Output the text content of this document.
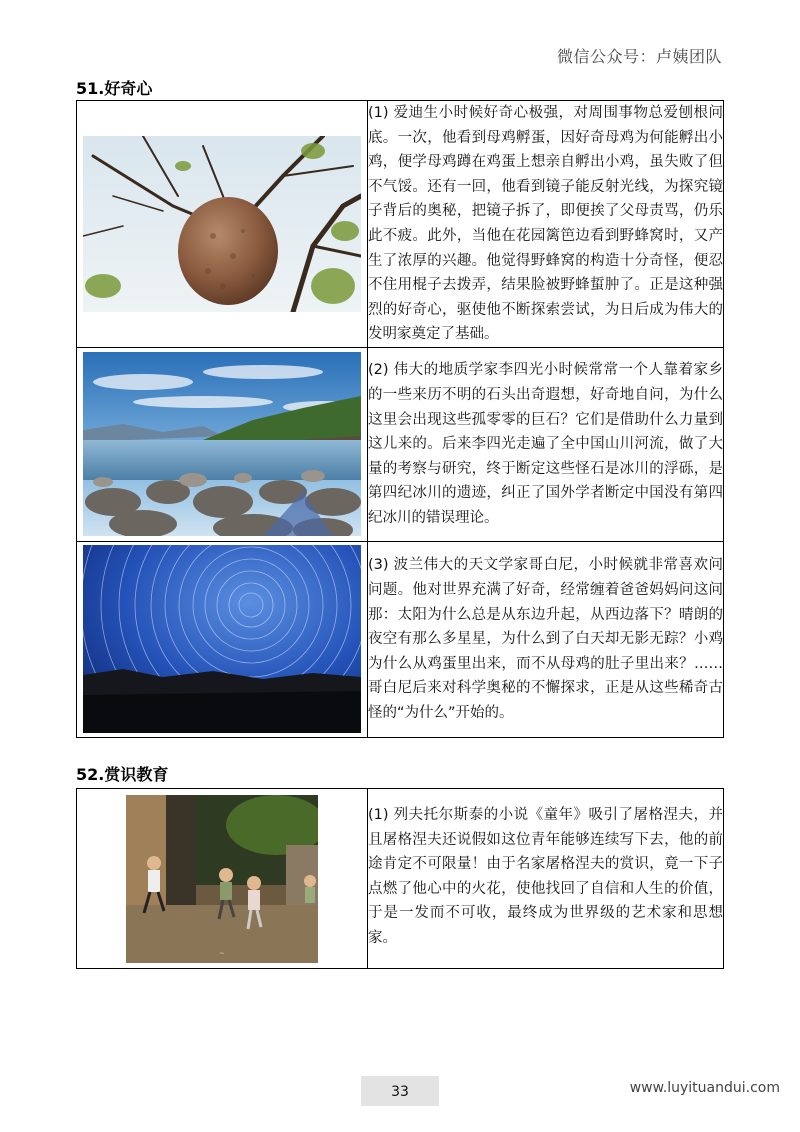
微信公众号：卢姨团队
51.好奇心
	(1) 爱迪生小时候好奇心极强，对周围事物总爱刨根问底。一次，他看到母鸡孵蛋，因好奇母鸡为何能孵出小鸡，便学母鸡蹲在鸡蛋上想亲自孵出小鸡，虽失败了但不气馁。还有一回，他看到镜子能反射光线，为探究镜子背后的奥秘，把镜子拆了，即便挨了父母责骂，仍乐此不疲。此外，当他在花园篱笆边看到野蜂窝时，又产生了浓厚的兴趣。他觉得野蜂窝的构造十分奇怪，便忍不住用棍子去拨弄，结果脸被野蜂蜇肿了。正是这种强烈的好奇心，驱使他不断探索尝试，为日后成为伟大的发明家奠定了基础。

	(2) 伟大的地质学家李四光小时候常常一个人靠着家乡的一些来历不明的石头出奇遐想，好奇地自问，为什么这里会出现这些孤零零的巨石？它们是借助什么力量到这儿来的。后来李四光走遍了全中国山川河流，做了大量的考察与研究，终于断定这些怪石是冰川的浮砾，是第四纪冰川的遗迹，纠正了国外学者断定中国没有第四纪冰川的错误理论。

	(3) 波兰伟大的天文学家哥白尼，小时候就非常喜欢问问题。他对世界充满了好奇，经常缠着爸爸妈妈问这问那：太阳为什么总是从东边升起，从西边落下？晴朗的夜空有那么多星星，为什么到了白天却无影无踪？小鸡为什么从鸡蛋里出来，而不从母鸡的肚子里出来？……哥白尼后来对科学奥秘的不懈探求，正是从这些稀奇古怪的“为什么”开始的。
52.赏识教育
~
	(1) 列夫托尔斯泰的小说《童年》吸引了屠格涅夫，并且屠格涅夫还说假如这位青年能够连续写下去，他的前途肯定不可限量！由于名家屠格涅夫的赏识，竟一下子点燃了他心中的火花，使他找回了自信和人生的价值，于是一发而不可收，最终成为世界级的艺术家和思想家。
33	www.luyituandui.com
